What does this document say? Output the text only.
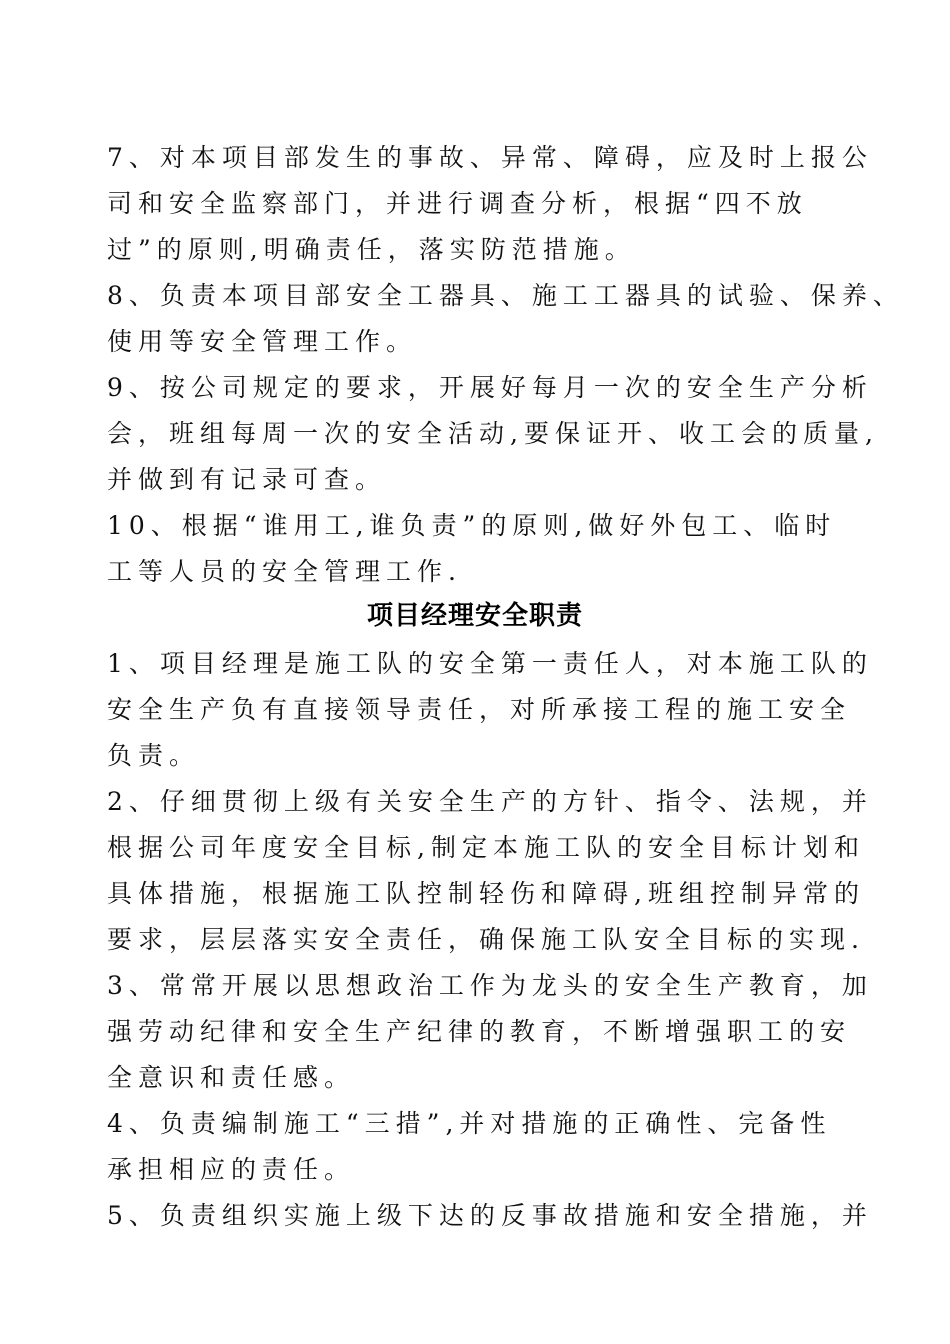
7、对本项目部发生的事故、异常、障碍，应及时上报公
司和安全监察部门，并进行调查分析，根据“四不放
过”的原则,明确责任，落实防范措施。
8、负责本项目部安全工器具、施工工器具的试验、保养、
使用等安全管理工作。
9、按公司规定的要求，开展好每月一次的安全生产分析
会，班组每周一次的安全活动,要保证开、收工会的质量,
并做到有记录可查。
10、根据“谁用工,谁负责”的原则,做好外包工、临时
工等人员的安全管理工作.
项目经理安全职责
1、项目经理是施工队的安全第一责任人，对本施工队的
安全生产负有直接领导责任，对所承接工程的施工安全
负责。
2、仔细贯彻上级有关安全生产的方针、指令、法规，并
根据公司年度安全目标,制定本施工队的安全目标计划和
具体措施，根据施工队控制轻伤和障碍,班组控制异常的
要求，层层落实安全责任，确保施工队安全目标的实现.
3、常常开展以思想政治工作为龙头的安全生产教育，加
强劳动纪律和安全生产纪律的教育，不断增强职工的安
全意识和责任感。
4、负责编制施工“三措”,并对措施的正确性、完备性
承担相应的责任。
5、负责组织实施上级下达的反事故措施和安全措施，并
